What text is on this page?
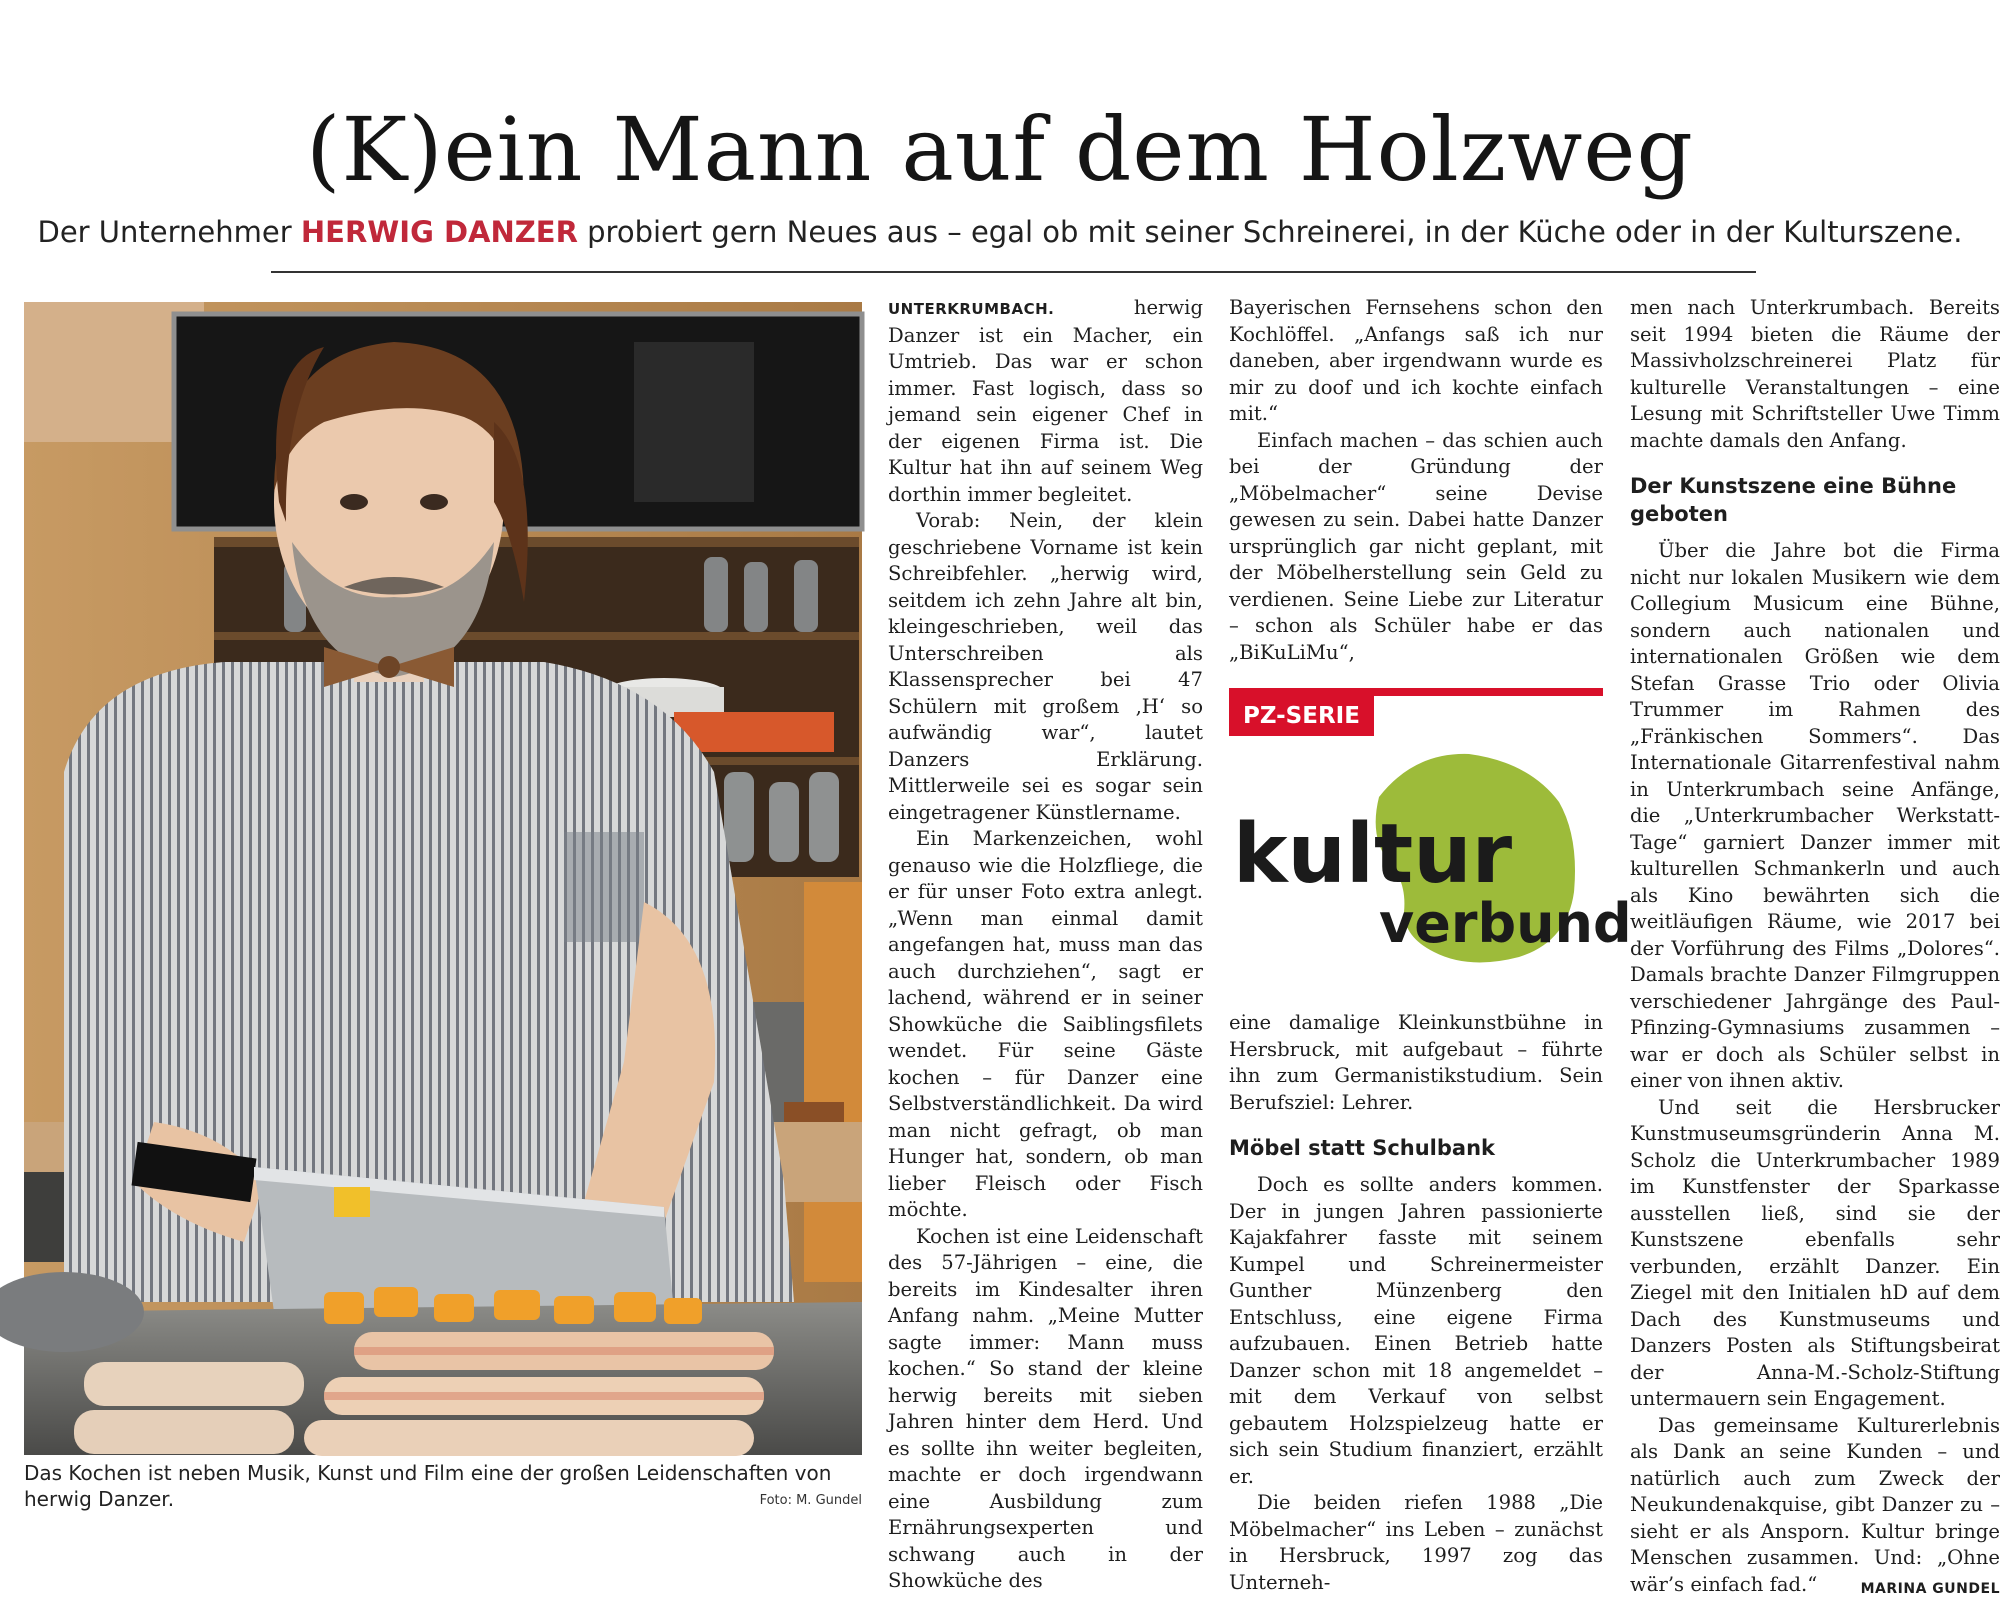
(K)ein Mann auf dem Holzweg
Der Unternehmer HERWIG DANZER probiert gern Neues aus – egal ob mit seiner Schreinerei, in der Küche oder in der Kulturszene.
Das Kochen ist neben Musik, Kunst und Film eine der großen Leidenschaften von herwig Danzer.	Foto: M. Gundel

UNTERKRUMBACH.	herwig Danzer ist ein Macher, ein Umtrieb. Das war er schon immer. Fast logisch, dass so jemand sein eigener Chef in der eigenen Firma ist. Die Kultur hat ihn auf seinem Weg dorthin immer begleitet.

Vorab: Nein, der klein geschriebene Vorname ist kein Schreibfehler. „herwig wird, seitdem ich zehn Jahre alt bin, kleingeschrieben, weil das Unterschreiben als Klassensprecher bei 47 Schülern mit großem ‚H‘ so aufwändig war“, lautet Danzers Erklärung. Mittlerweile sei es sogar sein eingetragener Künstlername.

Ein Markenzeichen, wohl genauso wie die Holzfliege, die er für unser Foto extra anlegt. „Wenn man einmal damit angefangen hat, muss man das auch durchziehen“, sagt er lachend, während er in seiner Showküche die Saiblingsfilets wendet. Für seine Gäste kochen – für Danzer eine Selbstverständlichkeit. Da wird man nicht gefragt, ob man Hunger hat, sondern, ob man lieber Fleisch oder Fisch möchte.

Kochen ist eine Leidenschaft des 57-Jährigen – eine, die bereits im Kindesalter ihren Anfang nahm. „Meine Mutter sagte immer: Mann muss kochen.“ So stand der kleine herwig bereits mit sieben Jahren hinter dem Herd. Und es sollte ihn weiter begleiten, machte er doch irgendwann eine Ausbildung zum Ernährungsexperten und schwang auch in der Showküche des

Bayerischen Fernsehens schon den Kochlöffel. „Anfangs saß ich nur daneben, aber irgendwann wurde es mir zu doof und ich kochte einfach mit.“

Einfach machen – das schien auch bei der Gründung der „Möbelmacher“ seine Devise gewesen zu sein. Dabei hatte Danzer ursprünglich gar nicht geplant, mit der Möbelherstellung sein Geld zu verdienen. Seine Liebe zur Literatur – schon als Schüler habe er das „BiKuLiMu“,

PZ-SERIE
kultur
verbund

eine damalige Kleinkunstbühne in Hersbruck, mit aufgebaut – führte ihn zum Germanistikstudium. Sein Berufsziel: Lehrer.

Möbel statt Schulbank

Doch es sollte anders kommen. Der in jungen Jahren passionierte Kajakfahrer fasste mit seinem Kumpel und Schreinermeister Gunther Münzenberg den Entschluss, eine eigene Firma aufzubauen. Einen Betrieb hatte Danzer schon mit 18 angemeldet – mit dem Verkauf von selbst gebautem Holzspielzeug hatte er sich sein Studium finanziert, erzählt er.

Die beiden riefen 1988 „Die Möbelmacher“ ins Leben – zunächst in Hersbruck, 1997 zog das Unterneh-

men nach Unterkrumbach. Bereits seit 1994 bieten die Räume der Massivholzschreinerei Platz für kulturelle Veranstaltungen – eine Lesung mit Schriftsteller Uwe Timm machte damals den Anfang.

Der Kunstszene eine Bühne geboten

Über die Jahre bot die Firma nicht nur lokalen Musikern wie dem Collegium Musicum eine Bühne, sondern auch nationalen und internationalen Größen wie dem Stefan Grasse Trio oder Olivia Trummer im Rahmen des „Fränkischen Sommers“. Das Internationale Gitarrenfestival nahm in Unterkrumbach seine Anfänge, die „Unterkrumbacher Werkstatt-Tage“ garniert Danzer immer mit kulturellen Schmankerln und auch als Kino bewährten sich die weitläufigen Räume, wie 2017 bei der Vorführung des Films „Dolores“. Damals brachte Danzer Filmgruppen verschiedener Jahrgänge des Paul-Pfinzing-Gymnasiums zusammen – war er doch als Schüler selbst in einer von ihnen aktiv.

Und seit die Hersbrucker Kunstmuseumsgründerin Anna M. Scholz die Unterkrumbacher 1989 im Kunstfenster der Sparkasse ausstellen ließ, sind sie der Kunstszene ebenfalls sehr verbunden, erzählt Danzer. Ein Ziegel mit den Initialen hD auf dem Dach des Kunstmuseums und Danzers Posten als Stiftungsbeirat der Anna-M.-Scholz-Stiftung untermauern sein Engagement.

Das gemeinsame Kulturerlebnis als Dank an seine Kunden – und natürlich auch zum Zweck der Neukundenakquise, gibt Danzer zu – sieht er als Ansporn. Kultur bringe Menschen zusammen. Und: „Ohne wär’s einfach fad.“	MARINA GUNDEL
